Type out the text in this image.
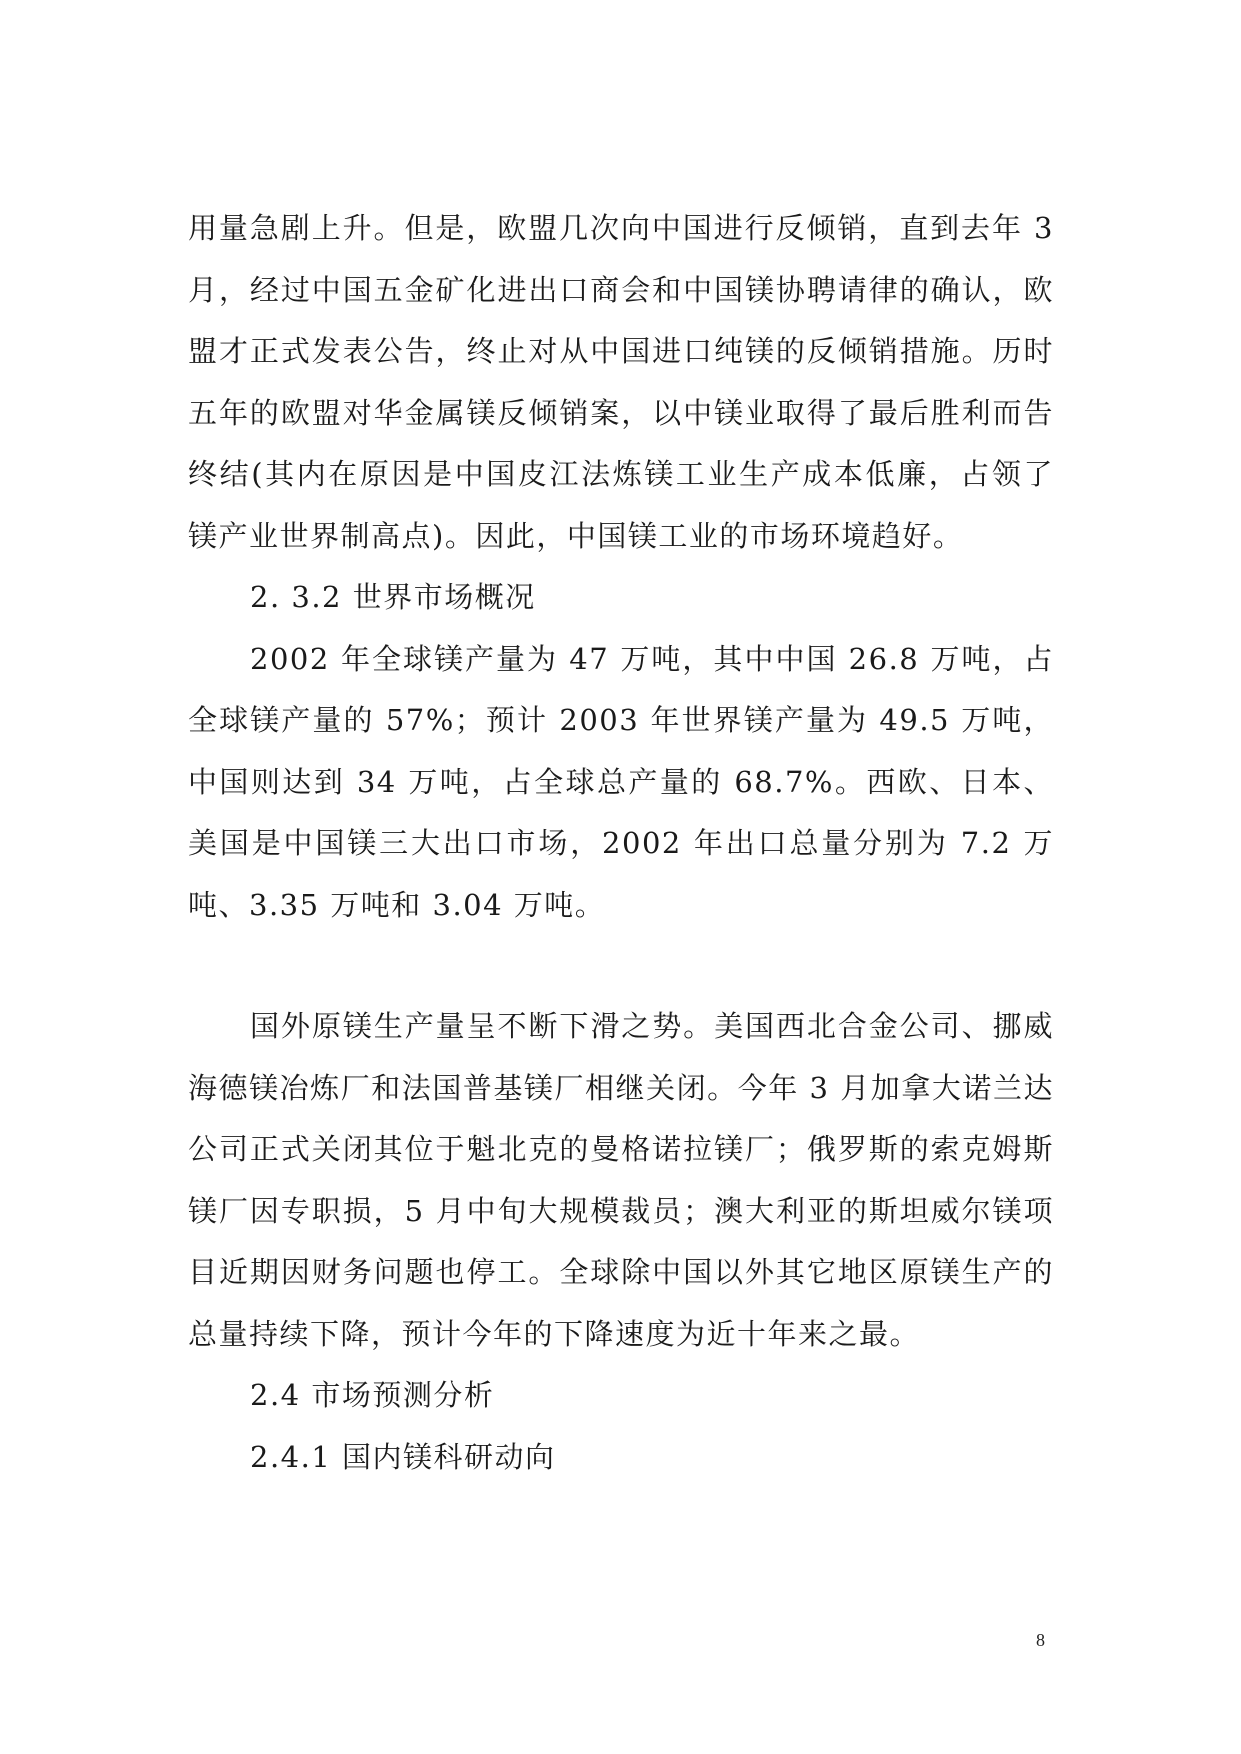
用量急剧上升。但是，欧盟几次向中国进行反倾销，直到去年 3 月，经过中国五金矿化进出口商会和中国镁协聘请律的确认，欧盟才正式发表公告，终止对从中国进口纯镁的反倾销措施。历时五年的欧盟对华金属镁反倾销案，以中镁业取得了最后胜利而告终结(其内在原因是中国皮江法炼镁工业生产成本低廉，占领了镁产业世界制高点)。因此，中国镁工业的市场环境趋好。

2. 3.2 世界市场概况

2002 年全球镁产量为 47 万吨，其中中国 26.8 万吨，占全球镁产量的 57%；预计 2003 年世界镁产量为 49.5 万吨，中国则达到 34 万吨，占全球总产量的 68.7%。西欧、日本、美国是中国镁三大出口市场，2002 年出口总量分别为 7.2 万吨、3.35 万吨和 3.04 万吨。

国外原镁生产量呈不断下滑之势。美国西北合金公司、挪威海德镁冶炼厂和法国普基镁厂相继关闭。今年 3 月加拿大诺兰达公司正式关闭其位于魁北克的曼格诺拉镁厂；俄罗斯的索克姆斯镁厂因专职损，5 月中旬大规模裁员；澳大利亚的斯坦威尔镁项目近期因财务问题也停工。全球除中国以外其它地区原镁生产的总量持续下降，预计今年的下降速度为近十年来之最。

2.4 市场预测分析

2.4.1 国内镁科研动向

8
